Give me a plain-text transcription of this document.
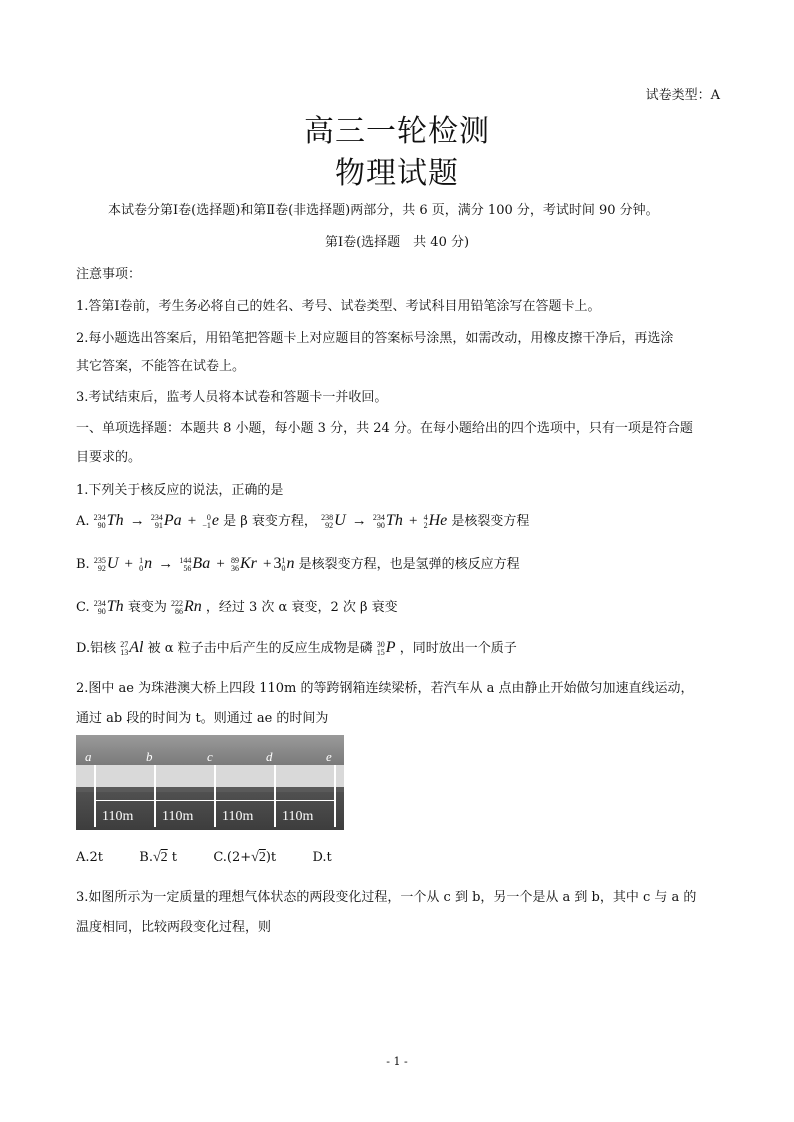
试卷类型：A
高三一轮检测
物理试题
本试卷分第Ⅰ卷(选择题)和第Ⅱ卷(非选择题)两部分，共 6 页，满分 100 分，考试时间 90 分钟。
第Ⅰ卷(选择题　共 40 分)
注意事项：
1.答第Ⅰ卷前，考生务必将自己的姓名、考号、试卷类型、考试科目用铅笔涂写在答题卡上。
2.每小题选出答案后，用铅笔把答题卡上对应题目的答案标号涂黑，如需改动，用橡皮擦干净后，再选涂
其它答案，不能答在试卷上。
3.考试结束后，监考人员将本试卷和答题卡一并收回。
一、单项选择题：本题共 8 小题，每小题 3 分，共 24 分。在每小题给出的四个选项中，只有一项是符合题
目要求的。
1.下列关于核反应的说法，正确的是
A. 234
90 Th → 234
91 Pa +	0
−1 e 是 β 衰变方程， 238
92 U → 234
90 Th + 4
2 He 是核裂变方程
B. 235
92 U + 1
0 n → 144
56 Ba + 89
36 Kr + 3 1
0 n 是核裂变方程，也是氢弹的核反应方程
C. 234
90 Th 衰变为 222
86 Rn ，经过 3 次 α 衰变，2 次 β 衰变
D.铝核 27
13 Al 被 α 粒子击中后产生的反应生成物是磷 30
15 P ，同时放出一个质子
2.图中 ae 为珠港澳大桥上四段 110m 的等跨钢箱连续梁桥，若汽车从 a 点由静止开始做匀加速直线运动，
通过 ab 段的时间为 t。则通过 ae 的时间为
a	b	c	d	e
110m 110m 110m 110m
A.2t	B.√2 t	C.(2+√2)t	D.t
3.如图所示为一定质量的理想气体状态的两段变化过程，一个从 c 到 b，另一个是从 a 到 b，其中 c 与 a 的
温度相同，比较两段变化过程，则
- 1 -
